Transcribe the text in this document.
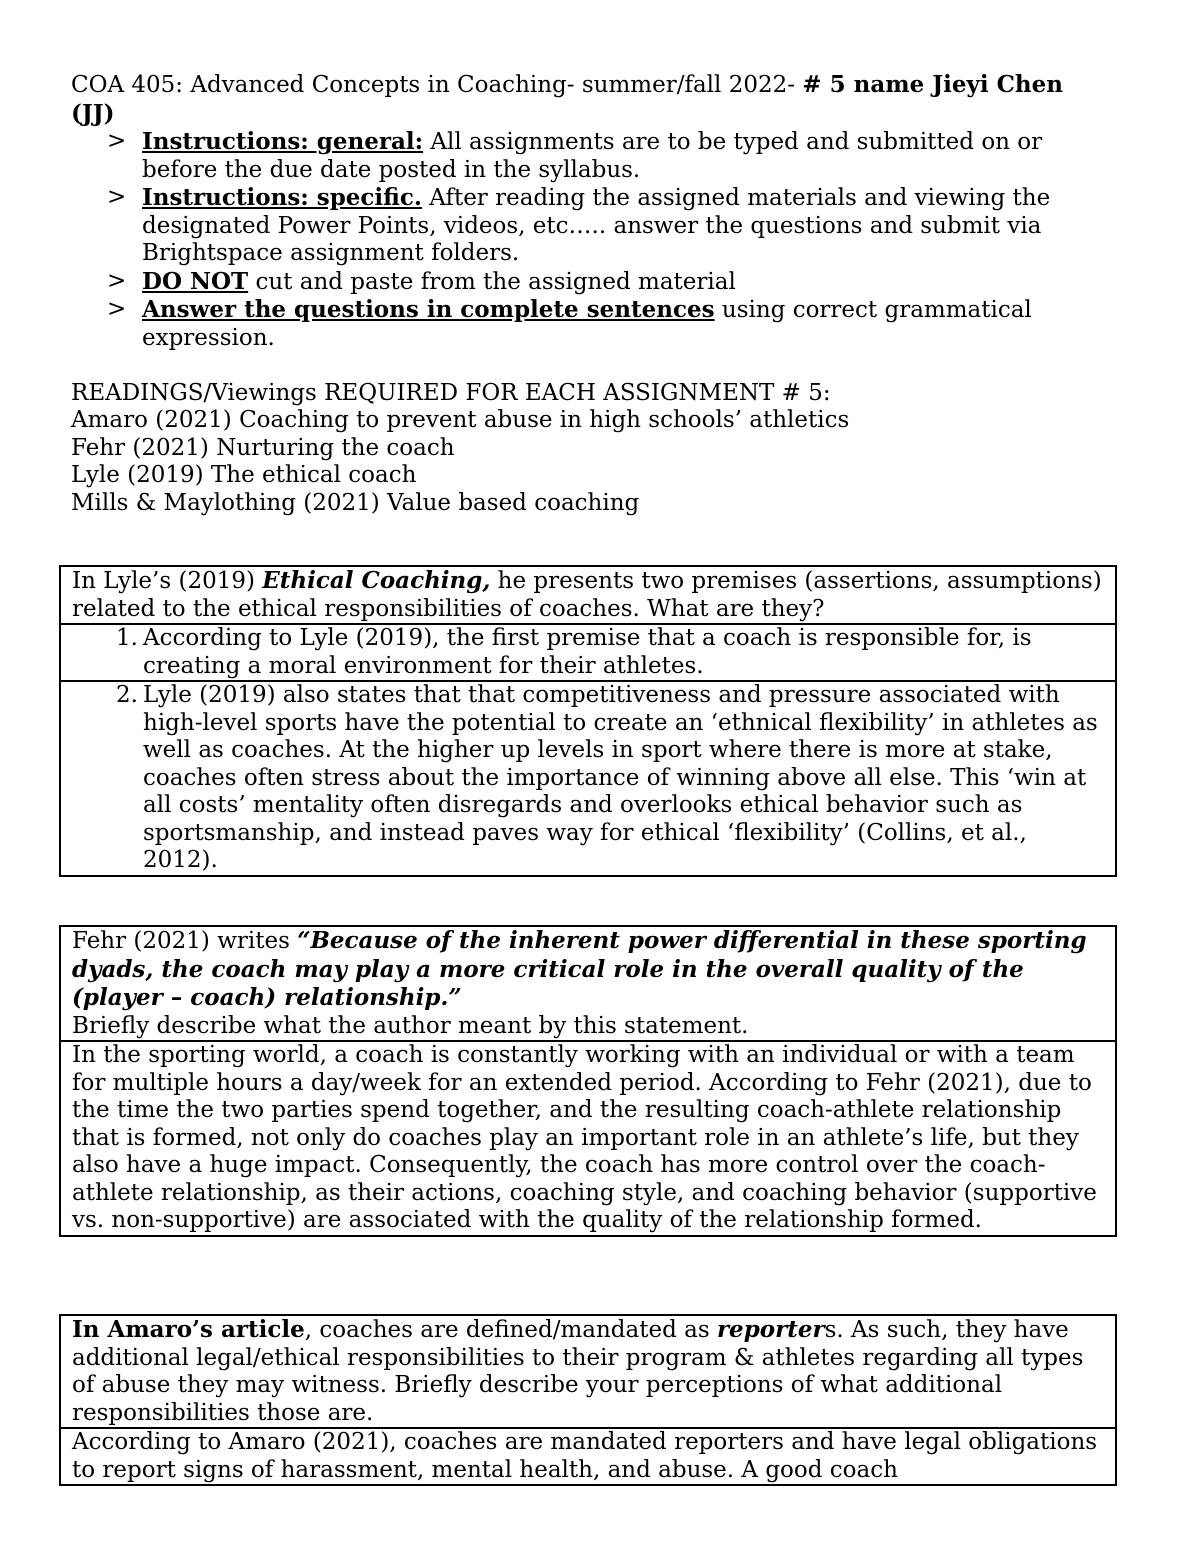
COA 405: Advanced Concepts in Coaching- summer/fall 2022- # 5 name Jieyi Chen (JJ)
> Instructions: general: All assignments are to be typed and submitted on or before the due date posted in the syllabus.
> Instructions: specific. After reading the assigned materials and viewing the designated Power Points, videos, etc….. answer the questions and submit via Brightspace assignment folders.
> DO NOT cut and paste from the assigned material
> Answer the questions in complete sentences using correct grammatical expression.
READINGS/Viewings REQUIRED FOR EACH ASSIGNMENT # 5:
Amaro (2021) Coaching to prevent abuse in high schools’ athletics
Fehr (2021) Nurturing the coach
Lyle (2019) The ethical coach
Mills & Maylothing (2021) Value based coaching
In Lyle’s (2019) Ethical Coaching, he presents two premises (assertions, assumptions) related to the ethical responsibilities of coaches. What are they?
1. According to Lyle (2019), the first premise that a coach is responsible for, is creating a moral environment for their athletes.
2. Lyle (2019) also states that that competitiveness and pressure associated with high-level sports have the potential to create an ‘ethnical flexibility’ in athletes as well as coaches. At the higher up levels in sport where there is more at stake, coaches often stress about the importance of winning above all else. This ‘win at all costs’ mentality often disregards and overlooks ethical behavior such as sportsmanship, and instead paves way for ethical ‘flexibility’ (Collins, et al., 2012).
Fehr (2021) writes “Because of the inherent power differential in these sporting dyads, the coach may play a more critical role in the overall quality of the (player – coach) relationship.”
Briefly describe what the author meant by this statement.
In the sporting world, a coach is constantly working with an individual or with a team for multiple hours a day/week for an extended period. According to Fehr (2021), due to the time the two parties spend together, and the resulting coach-athlete relationship that is formed, not only do coaches play an important role in an athlete’s life, but they also have a huge impact. Consequently, the coach has more control over the coach-athlete relationship, as their actions, coaching style, and coaching behavior (supportive vs. non-supportive) are associated with the quality of the relationship formed.
In Amaro’s article, coaches are defined/mandated as reporters. As such, they have additional legal/ethical responsibilities to their program & athletes regarding all types of abuse they may witness. Briefly describe your perceptions of what additional responsibilities those are.
According to Amaro (2021), coaches are mandated reporters and have legal obligations to report signs of harassment, mental health, and abuse. A good coach
